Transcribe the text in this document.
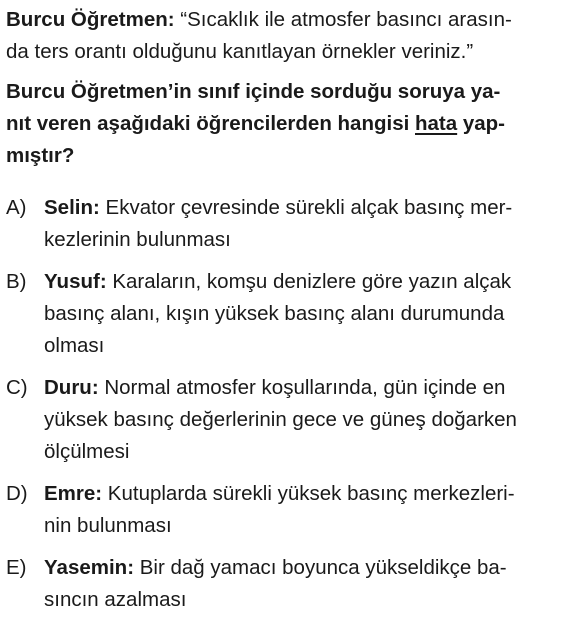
Burcu Öğretmen: “Sıcaklık ile atmosfer basıncı arasın-
da ters orantı olduğunu kanıtlayan örnekler veriniz.”

Burcu Öğretmen’in sınıf içinde sorduğu soruya ya-
nıt veren aşağıdaki öğrencilerden hangisi hata yap-
mıştır?

A) Selin: Ekvator çevresinde sürekli alçak basınç mer-
kezlerinin bulunması
B) Yusuf: Karaların, komşu denizlere göre yazın alçak
basınç alanı, kışın yüksek basınç alanı durumunda
olması
C) Duru: Normal atmosfer koşullarında, gün içinde en
yüksek basınç değerlerinin gece ve güneş doğarken
ölçülmesi
D) Emre: Kutuplarda sürekli yüksek basınç merkezleri-
nin bulunması
E) Yasemin: Bir dağ yamacı boyunca yükseldikçe ba-
sıncın azalması
